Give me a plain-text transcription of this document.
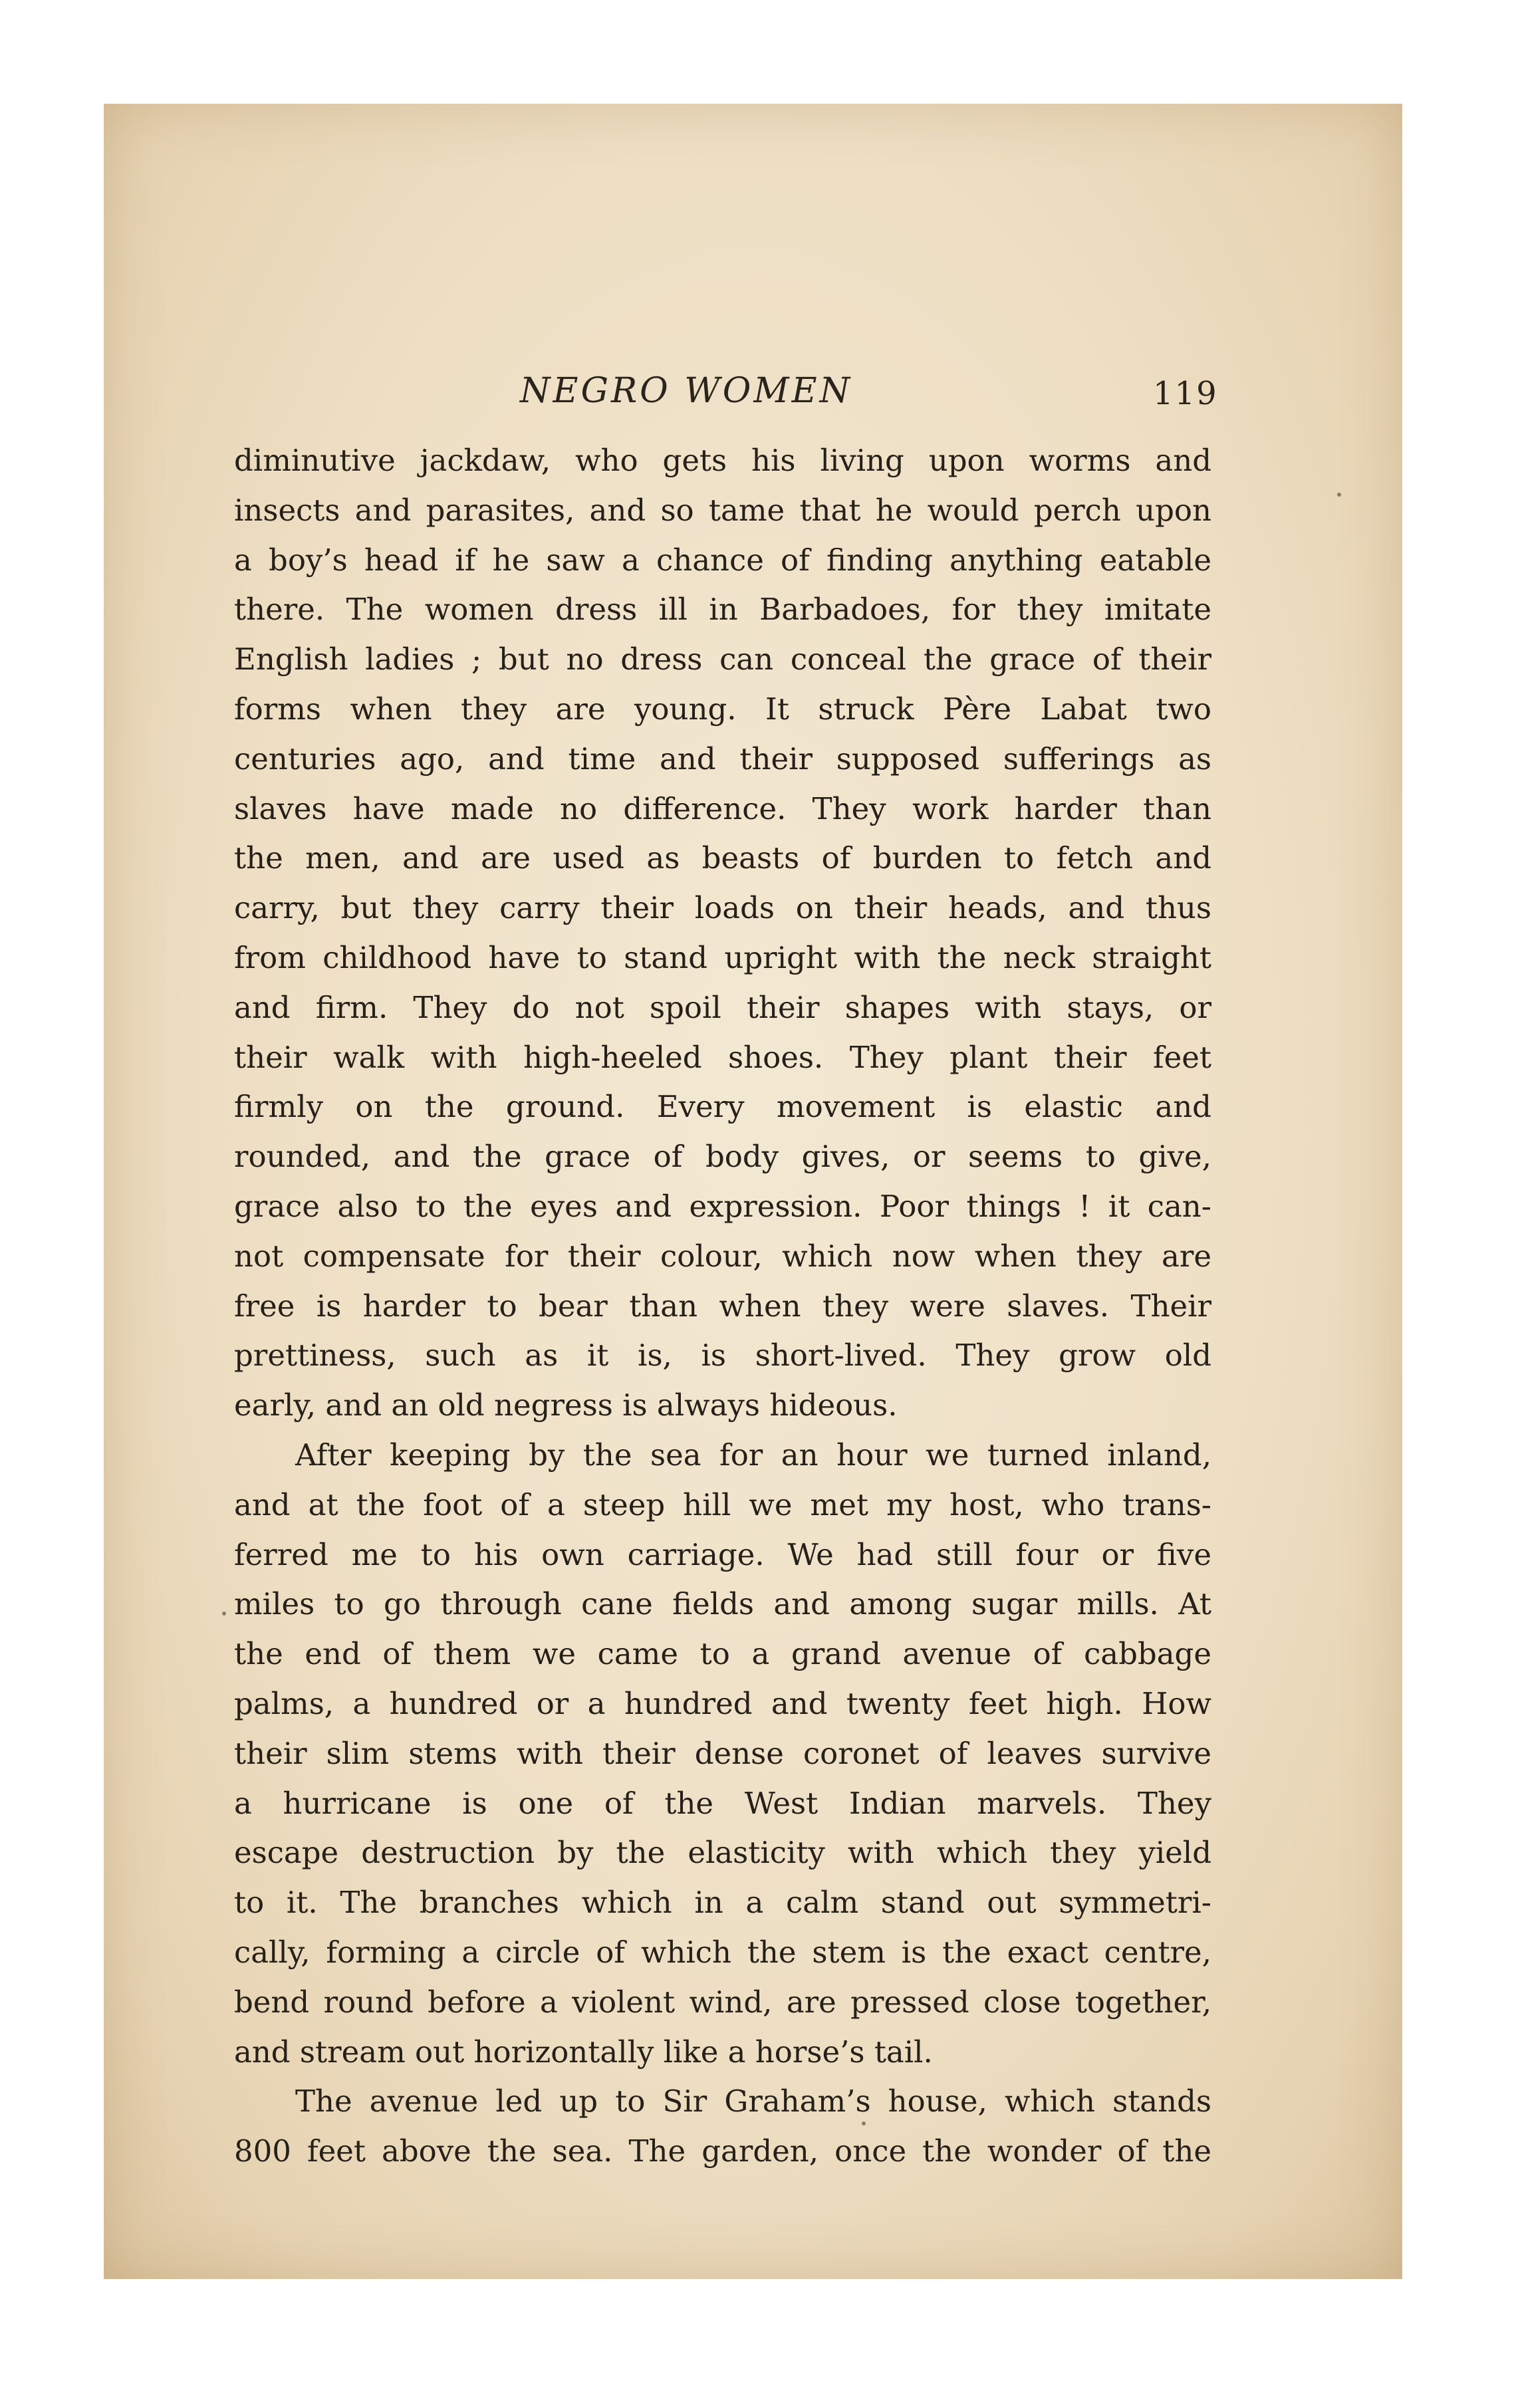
NEGRO WOMEN	119
diminutive jackdaw, who gets his living upon worms and
insects and parasites, and so tame that he would perch upon
a boy’s head if he saw a chance of finding anything eatable
there. The women dress ill in Barbadoes, for they imitate
English ladies ; but no dress can conceal the grace of their
forms when they are young. It struck Père Labat two
centuries ago, and time and their supposed sufferings as
slaves have made no difference. They work harder than
the men, and are used as beasts of burden to fetch and
carry, but they carry their loads on their heads, and thus
from childhood have to stand upright with the neck straight
and firm. They do not spoil their shapes with stays, or
their walk with high-heeled shoes. They plant their feet
firmly on the ground. Every movement is elastic and
rounded, and the grace of body gives, or seems to give,
grace also to the eyes and expression. Poor things ! it can-
not compensate for their colour, which now when they are
free is harder to bear than when they were slaves. Their
prettiness, such as it is, is short-lived. They grow old
early, and an old negress is always hideous.
After keeping by the sea for an hour we turned inland,
and at the foot of a steep hill we met my host, who trans-
ferred me to his own carriage. We had still four or five
miles to go through cane fields and among sugar mills. At
the end of them we came to a grand avenue of cabbage
palms, a hundred or a hundred and twenty feet high. How
their slim stems with their dense coronet of leaves survive
a hurricane is one of the West Indian marvels. They
escape destruction by the elasticity with which they yield
to it. The branches which in a calm stand out symmetri-
cally, forming a circle of which the stem is the exact centre,
bend round before a violent wind, are pressed close together,
and stream out horizontally like a horse’s tail.
The avenue led up to Sir Graham’s house, which stands
800 feet above the sea. The garden, once the wonder of the
